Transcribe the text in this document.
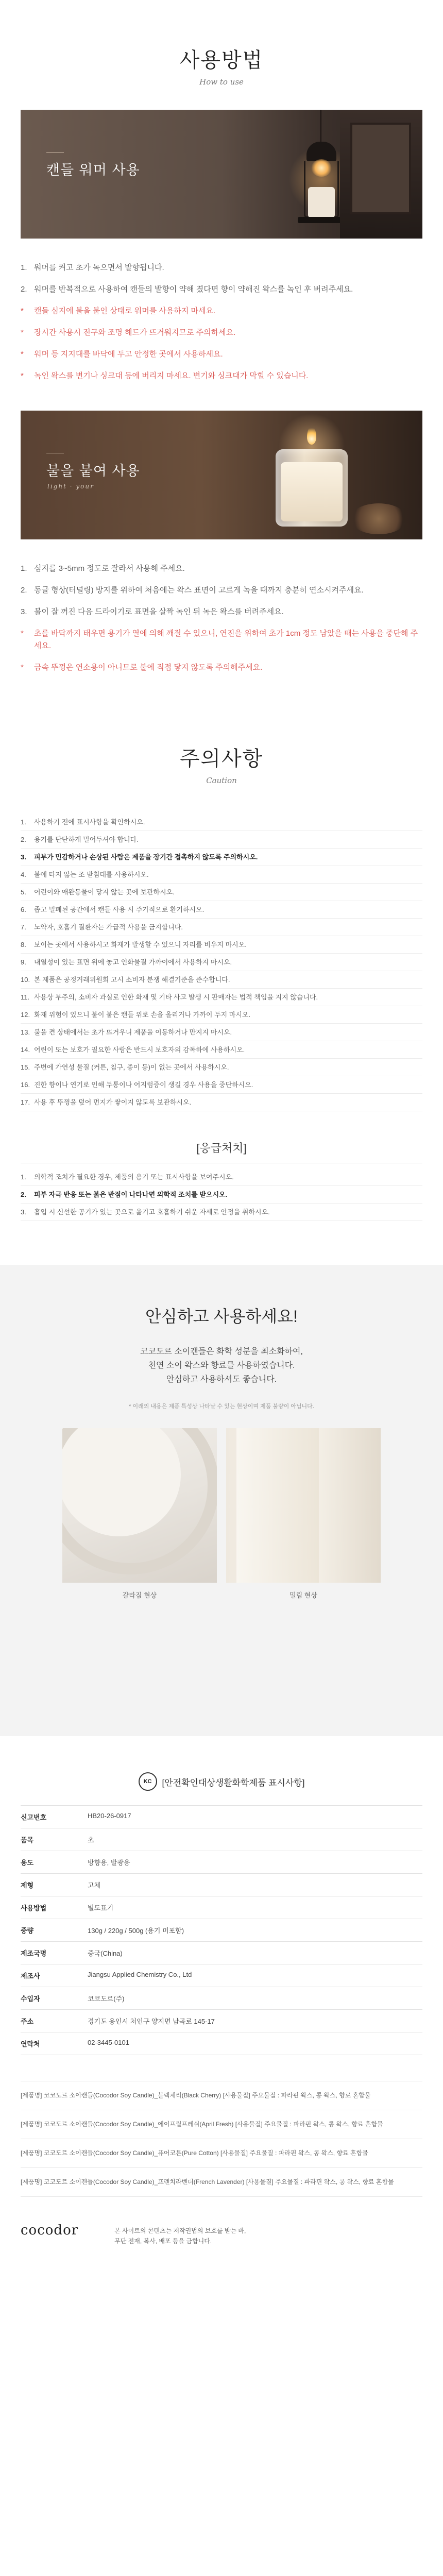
사용방법
How to use
캔들 워머 사용
1. 워머를 켜고 초가 녹으면서 발향됩니다.
2. 워머를 반복적으로 사용하여 캔들의 발향이 약해 졌다면 향이 약해진 왁스를 녹인 후 버려주세요.
*	캔들 심지에 불을 붙인 상태로 워머를 사용하지 마세요.
*	장시간 사용시 전구와 조명 헤드가 뜨거워지므로 주의하세요.
*	워머 등 지지대를 바닥에 두고 안정한 곳에서 사용하세요.
*	녹인 왁스를 변기나 싱크대 등에 버리지 마세요. 변기와 싱크대가 막힐 수 있습니다.
불을 붙여 사용
light · your
1. 심지를 3~5mm 정도로 잘라서 사용해 주세요.
2. 동글 형상(터널링) 방지를 위하여 처음에는 왁스 표면이 고르게 녹을 때까지 충분히 연소시켜주세요.
3. 불이 잘 꺼진 다음 드라이기로 표면을 살짝 녹인 뒤 녹은 왁스를 버려주세요.
*	초를 바닥까지 태우면 용기가 열에 의해 깨질 수 있으니, 연진을 위하여 초가 1cm 정도 남았을 때는 사용을 중단해 주세요.
*	금속 뚜껑은 연소용이 아니므로 불에 직접 닿지 않도록 주의해주세요.
주의사항
Caution
1.	사용하기 전에 표시사항을 확인하시오.
2.	용기를 단단하게 밀어두셔야 합니다.
3.	피부가 민감하거나 손상된 사람은 제품을 장기간 접촉하지 않도록 주의하시오.
4.	불에 타지 않는 조 받침대를 사용하시오.
5.	어린이와 애완동물이 닿지 않는 곳에 보관하시오.
6.	좁고 밀폐된 공간에서 캔들 사용 시 주기적으로 환기하시오.
7.	노약자, 호흡기 질환자는 가급적 사용을 금지합니다.
8.	보이는 곳에서 사용하시고 화재가 발생할 수 있으니 자리를 비우지 마시오.
9.	내열성이 있는 표면 위에 놓고 인화물질 가까이에서 사용하지 마시오.
10. 본 제품은 공정거래위원회 고시 소비자 분쟁 해결기준을 준수합니다.
11. 사용상 부주의, 소비자 과실로 인한 화재 및 기타 사고 발생 시 판매자는 법적 책임을 지지 않습니다.
12. 화재 위험이 있으니 불이 붙은 캔들 위로 손을 올리거나 가까이 두지 마시오.
13. 불을 켠 상태에서는 초가 뜨거우니 제품을 이동하거나 만지지 마시오.
14. 어린이 또는 보호가 필요한 사람은 반드시 보호자의 감독하에 사용하시오.
15. 주변에 가연성 물질 (커튼, 침구, 종이 등)이 없는 곳에서 사용하시오.
16. 진한 향이나 연기로 인해 두통이나 어지럼증이 생길 경우 사용을 중단하시오.
17. 사용 후 뚜껑을 덮어 먼지가 쌓이지 않도록 보관하시오.
[응급처치]
1.	의학적 조치가 필요한 경우, 제품의 용기 또는 표시사항을 보여주시오.
2.	피부 자극 반응 또는 붉은 반점이 나타나면 의학적 조치를 받으시오.
3.	흡입 시 신선한 공기가 있는 곳으로 옮기고 호흡하기 쉬운 자세로 안정을 취하시오.
안심하고 사용하세요!
코코도르 소이캔들은 화학 성분을 최소화하여,
천연 소이 왁스와 향료를 사용하였습니다.
안심하고 사용하셔도 좋습니다.
* 이래의 내용은 제품 특성상 나타날 수 있는 현상이며 제품 불량이 아닙니다.
갈라짐 현상	밀림 현상
KC	[안전확인대상생활화학제품 표시사항]
신고번호	HB20-26-0917
품목	초
용도	방향용, 발광용
제형	고체
사용방법	별도표기
중량	130g / 220g / 500g (용기 미포함)
제조국명	중국(China)
제조사	Jiangsu Applied Chemistry Co., Ltd
수입자	코코도르(주)
주소	경기도 용인시 처인구 양지면 남곡로 145-17
연락처	02-3445-0101

[제품명] 코코도르 소이캔들(Cocodor Soy Candle)_블랙체리(Black Cherry) [사용물질] 주요물질 : 파라핀 왁스, 콩 왁스, 향료 혼합물

[제품명] 코코도르 소이캔들(Cocodor Soy Candle)_에이프릴프레쉬(April Fresh) [사용물질] 주요물질 : 파라핀 왁스, 콩 왁스, 향료 혼합물

[제품명] 코코도르 소이캔들(Cocodor Soy Candle)_퓨어코튼(Pure Cotton) [사용물질] 주요물질 : 파라핀 왁스, 콩 왁스, 향료 혼합물

[제품명] 코코도르 소이캔들(Cocodor Soy Candle)_프렌치라벤더(French Lavender) [사용물질] 주요물질 : 파라핀 왁스, 콩 왁스, 향료 혼합물

cocodor	본 사이트의 콘텐츠는 저작권법의 보호를 받는 바,
무단 전재, 복사, 배포 등을 금합니다.
